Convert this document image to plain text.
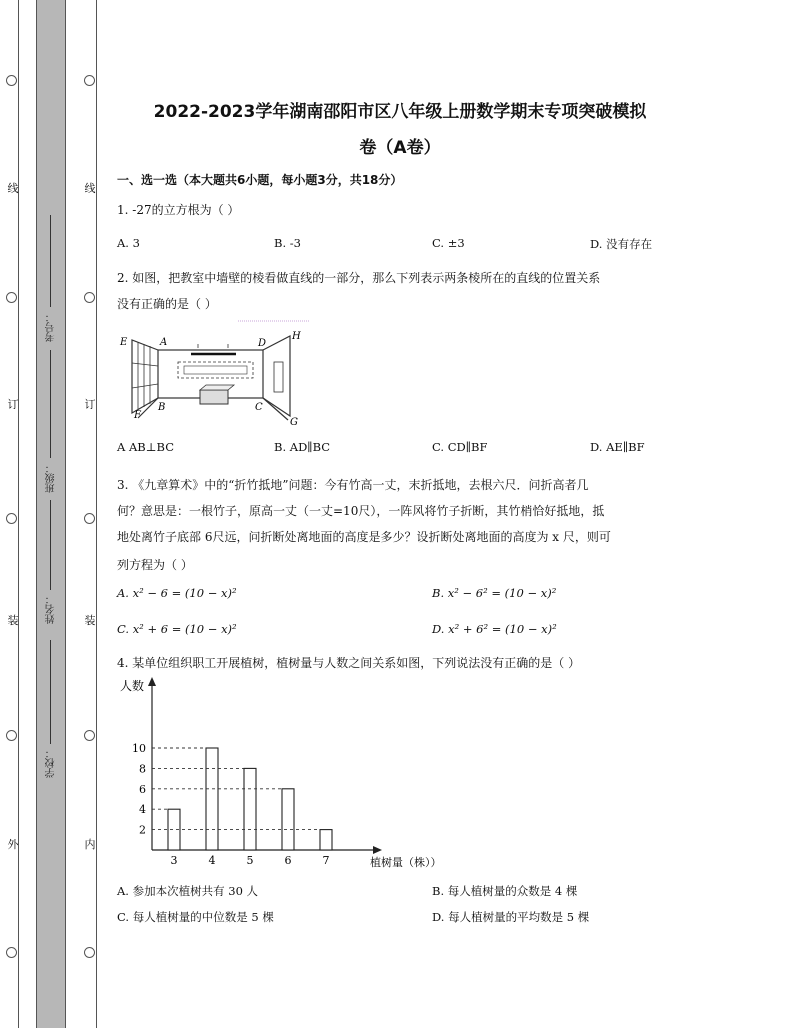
线
订
装
外
线
订
装
内
考号：
班级：
姓名：
学校：
2022-2023学年湖南邵阳市区八年级上册数学期末专项突破模拟
卷（A卷）
一、选一选（本大题共6小题，每小题3分，共18分）
1. -27的立方根为（ ）
A. 3	B. -3	C. ±3	D. 没有存在
2. 如图，把教室中墙壁的棱看做直线的一部分，那么下列表示两条棱所在的直线的位置关系
没有正确的是（ ）
E	A	D
H
B	C
F
G
A AB⊥BC	B. AD∥BC	C. CD∥BF	D. AE∥BF
3. 《九章算术》中的“折竹抵地”问题：今有竹高一丈，末折抵地，去根六尺．问折高者几
何？意思是：一根竹子，原高一丈（一丈=10尺），一阵风将竹子折断，其竹梢恰好抵地，抵
地处离竹子底部 6尺远，问折断处离地面的高度是多少？设折断处离地面的高度为 x 尺，则可
列方程为（ ）
A. x² − 6 = (10 − x)²	B. x² − 6² = (10 − x)²
C. x² + 6 = (10 − x)²	D. x² + 6² = (10 − x)²
4. 某单位组织职工开展植树，植树量与人数之间关系如图，下列说法没有正确的是（ ）
人数
植树量（株））
3	4	5	6	7
2
4
6
8
10
A. 参加本次植树共有 30 人	B. 每人植树量的众数是 4 棵
C. 每人植树量的中位数是 5 棵	D. 每人植树量的平均数是 5 棵
